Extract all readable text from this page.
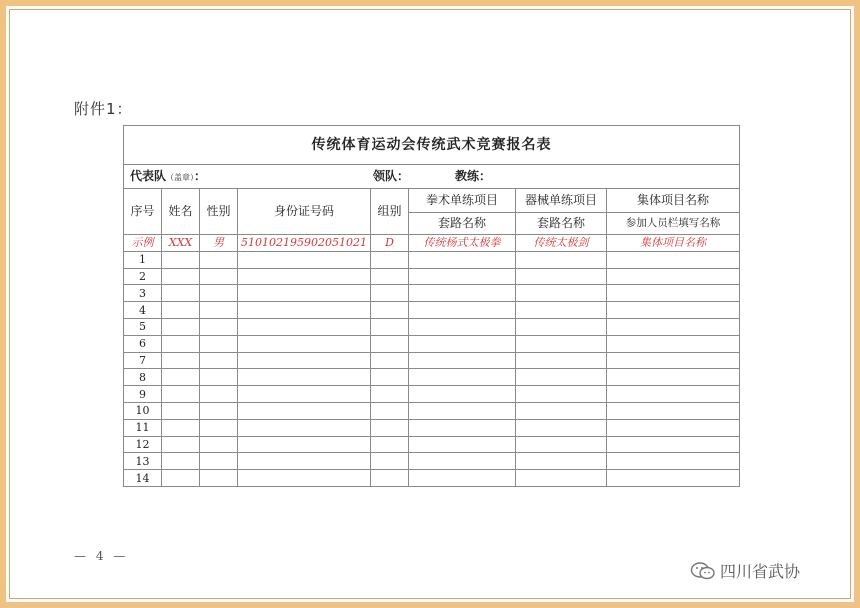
附件1：
传统体育运动会传统武术竞赛报名表							

代表队（盖章）： 领队： 教练：							

序号	姓名	性别	身份证号码	组别	拳术单练项目	器械单练项目	集体项目名称
					套路名称	套路名称	
							参加人员栏填写名称
示例	XXX	男	510102195902051021	D	传统杨式太极拳	传统太极剑	集体项目名称
1							
2							
3							
4							
5							
6							
7							
8							
9							
10							
11							
12							
13							
14							
— 4 —
四川省武协
